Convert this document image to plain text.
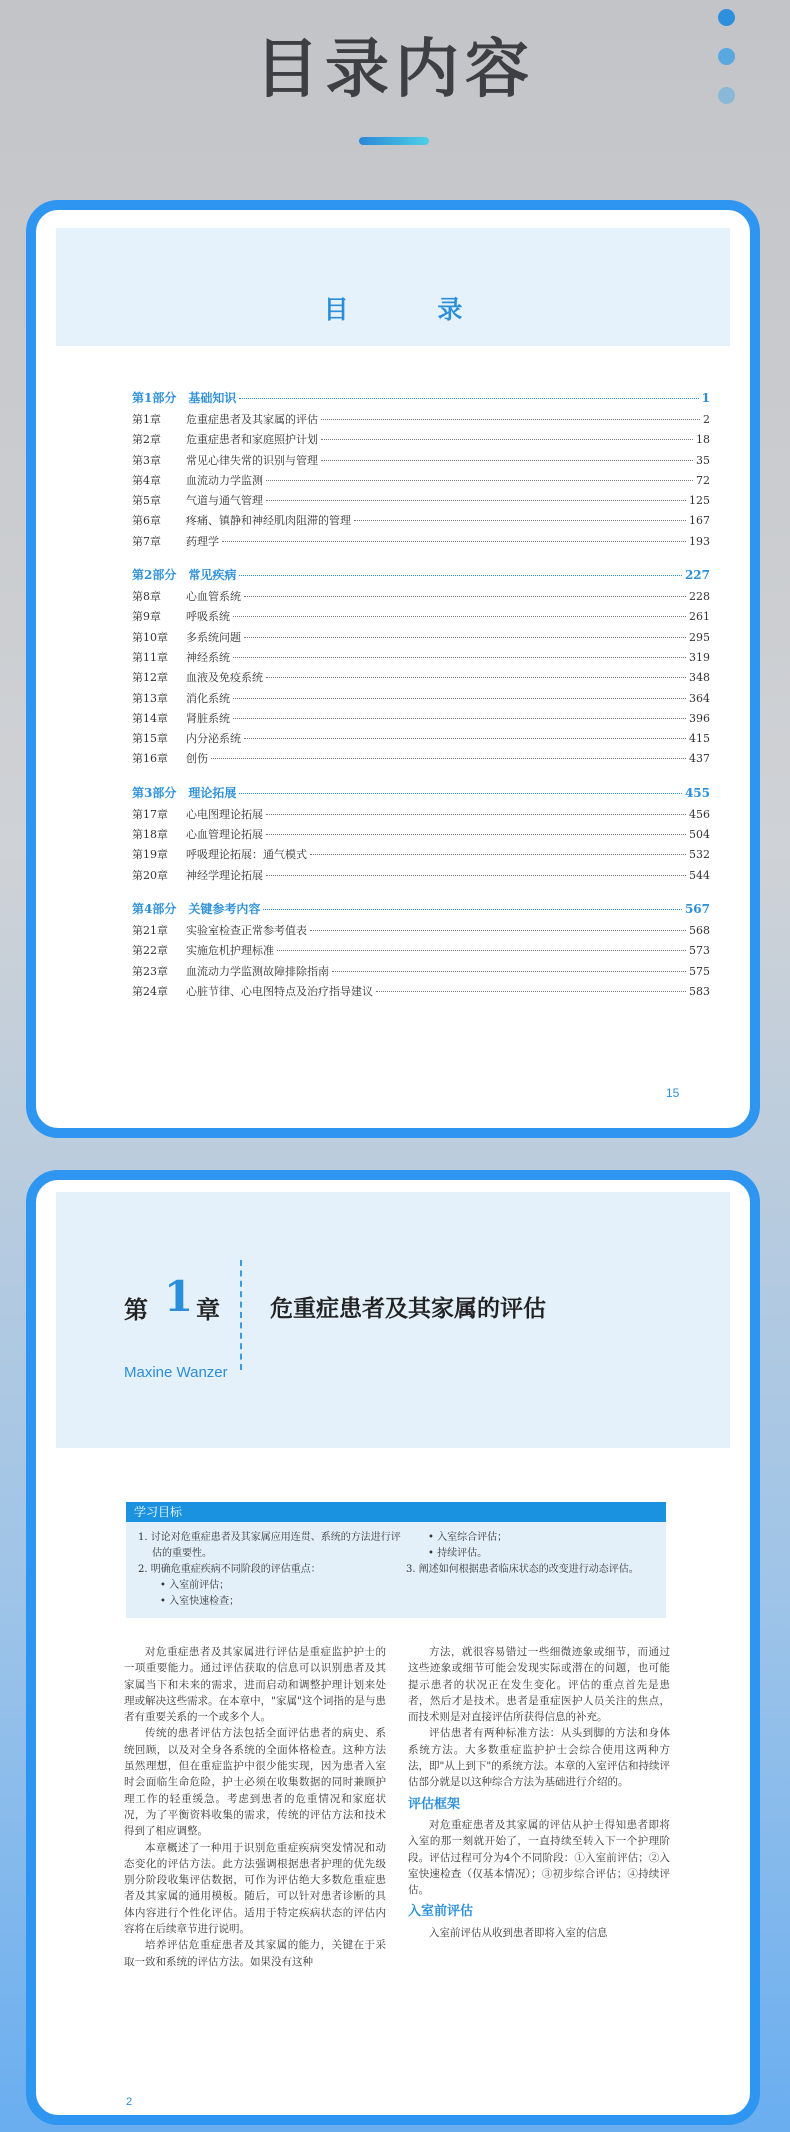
目录内容
目 录
第1部分　基础知识	1
第1章	危重症患者及其家属的评估	2
第2章	危重症患者和家庭照护计划	18
第3章	常见心律失常的识别与管理	35
第4章	血流动力学监测	72
第5章	气道与通气管理	125
第6章	疼痛、镇静和神经肌肉阻滞的管理	167
第7章	药理学	193
第2部分　常见疾病	227
第8章	心血管系统	228
第9章	呼吸系统	261
第10章	多系统问题	295
第11章	神经系统	319
第12章	血液及免疫系统	348
第13章	消化系统	364
第14章	肾脏系统	396
第15章	内分泌系统	415
第16章	创伤	437
第3部分　理论拓展	455
第17章	心电图理论拓展	456
第18章	心血管理论拓展	504
第19章	呼吸理论拓展：通气模式	532
第20章	神经学理论拓展	544
第4部分　关键参考内容	567
第21章	实验室检查正常参考值表	568
第22章	实施危机护理标准	573
第23章	血流动力学监测故障排除指南	575
第24章	心脏节律、心电图特点及治疗指导建议	583
15
第 1 章 危重症患者及其家属的评估
Maxine Wanzer
学习目标
1. 讨论对危重症患者及其家属应用连贯、系统的方法进行评估的重要性。
2. 明确危重症疾病不同阶段的评估重点：
• 入室前评估；
• 入室快速检查；
• 入室综合评估；
• 持续评估。
3. 阐述如何根据患者临床状态的改变进行动态评估。

对危重症患者及其家属进行评估是重症监护护士的一项重要能力。通过评估获取的信息可以识别患者及其家属当下和未来的需求，进而启动和调整护理计划来处理或解决这些需求。在本章中，"家属"这个词指的是与患者有重要关系的一个或多个人。

传统的患者评估方法包括全面评估患者的病史、系统回顾，以及对全身各系统的全面体格检查。这种方法虽然理想，但在重症监护中很少能实现，因为患者入室时会面临生命危险，护士必须在收集数据的同时兼顾护理工作的轻重缓急。考虑到患者的危重情况和家庭状况，为了平衡资料收集的需求，传统的评估方法和技术得到了相应调整。

本章概述了一种用于识别危重症疾病突发情况和动态变化的评估方法。此方法强调根据患者护理的优先级别分阶段收集评估数据，可作为评估绝大多数危重症患者及其家属的通用模板。随后，可以针对患者诊断的具体内容进行个性化评估。适用于特定疾病状态的评估内容将在后续章节进行说明。

培养评估危重症患者及其家属的能力，关键在于采取一致和系统的评估方法。如果没有这种

方法，就很容易错过一些细微迹象或细节，而通过这些迹象或细节可能会发现实际或潜在的问题，也可能提示患者的状况正在发生变化。评估的重点首先是患者，然后才是技术。患者是重症医护人员关注的焦点，而技术则是对直接评估所获得信息的补充。

评估患者有两种标准方法：从头到脚的方法和身体系统方法。大多数重症监护护士会综合使用这两种方法，即"从上到下"的系统方法。本章的入室评估和持续评估部分就是以这种综合方法为基础进行介绍的。

评估框架

对危重症患者及其家属的评估从护士得知患者即将入室的那一刻就开始了，一直持续至转入下一个护理阶段。评估过程可分为4个不同阶段：①入室前评估；②入室快速检查（仅基本情况）；③初步综合评估；④持续评估。

入室前评估

入室前评估从收到患者即将入室的信息

2
